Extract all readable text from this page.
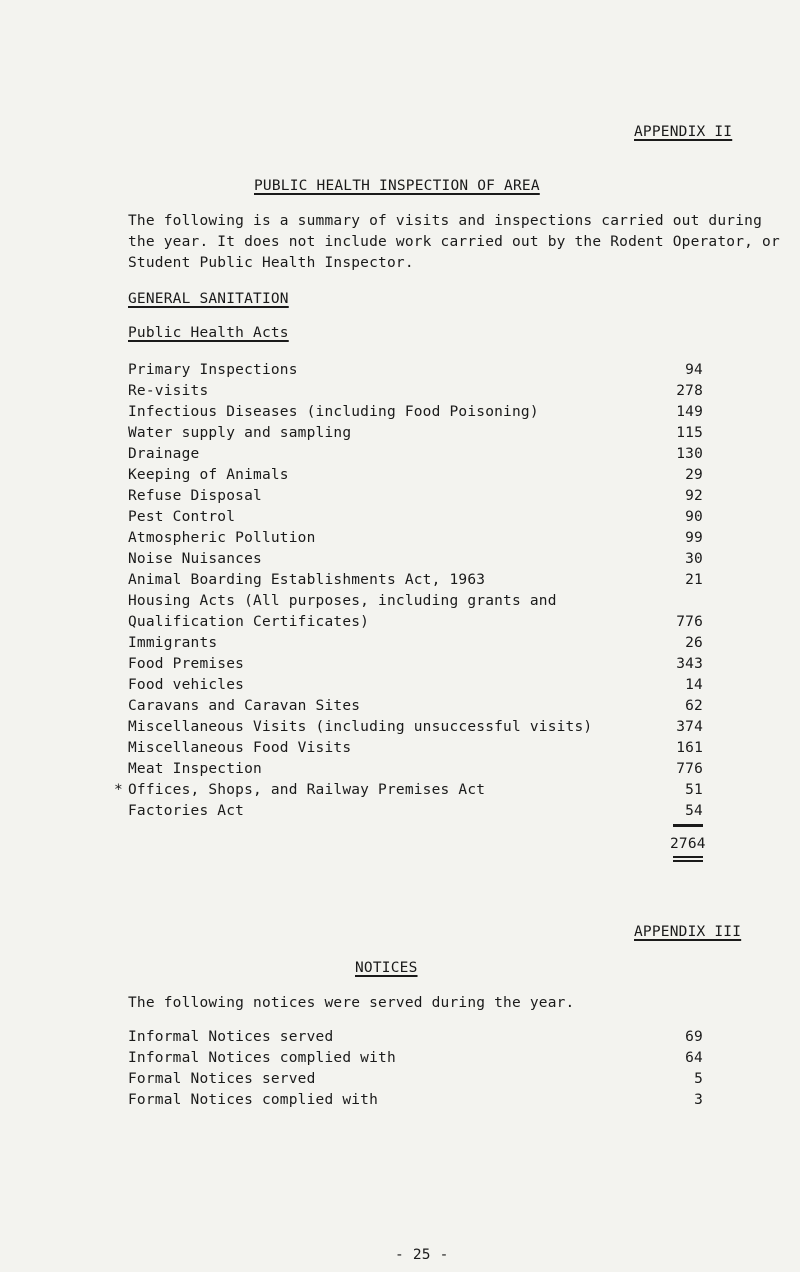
APPENDIX II
PUBLIC HEALTH INSPECTION OF AREA
The following is a summary of visits and inspections carried out during
the year. It does not include work carried out by the Rodent Operator, or
Student Public Health Inspector.
GENERAL SANITATION
Public Health Acts
Primary Inspections	94
Re-visits	278
Infectious Diseases (including Food Poisoning)	149
Water supply and sampling	115
Drainage	130
Keeping of Animals	29
Refuse Disposal	92
Pest Control	90
Atmospheric Pollution	99
Noise Nuisances	30
Animal Boarding Establishments Act, 1963	21
Housing Acts (All purposes, including grants and
Qualification Certificates)	776
Immigrants	26
Food Premises	343
Food vehicles	14
Caravans and Caravan Sites	62
Miscellaneous Visits (including unsuccessful visits)	374
Miscellaneous Food Visits	161
Meat Inspection	776
* Offices, Shops, and Railway Premises Act	51
Factories Act	54
2764
APPENDIX III
NOTICES
The following notices were served during the year.
Informal Notices served	69
Informal Notices complied with	64
Formal Notices served	5
Formal Notices complied with	3
- 25 -
